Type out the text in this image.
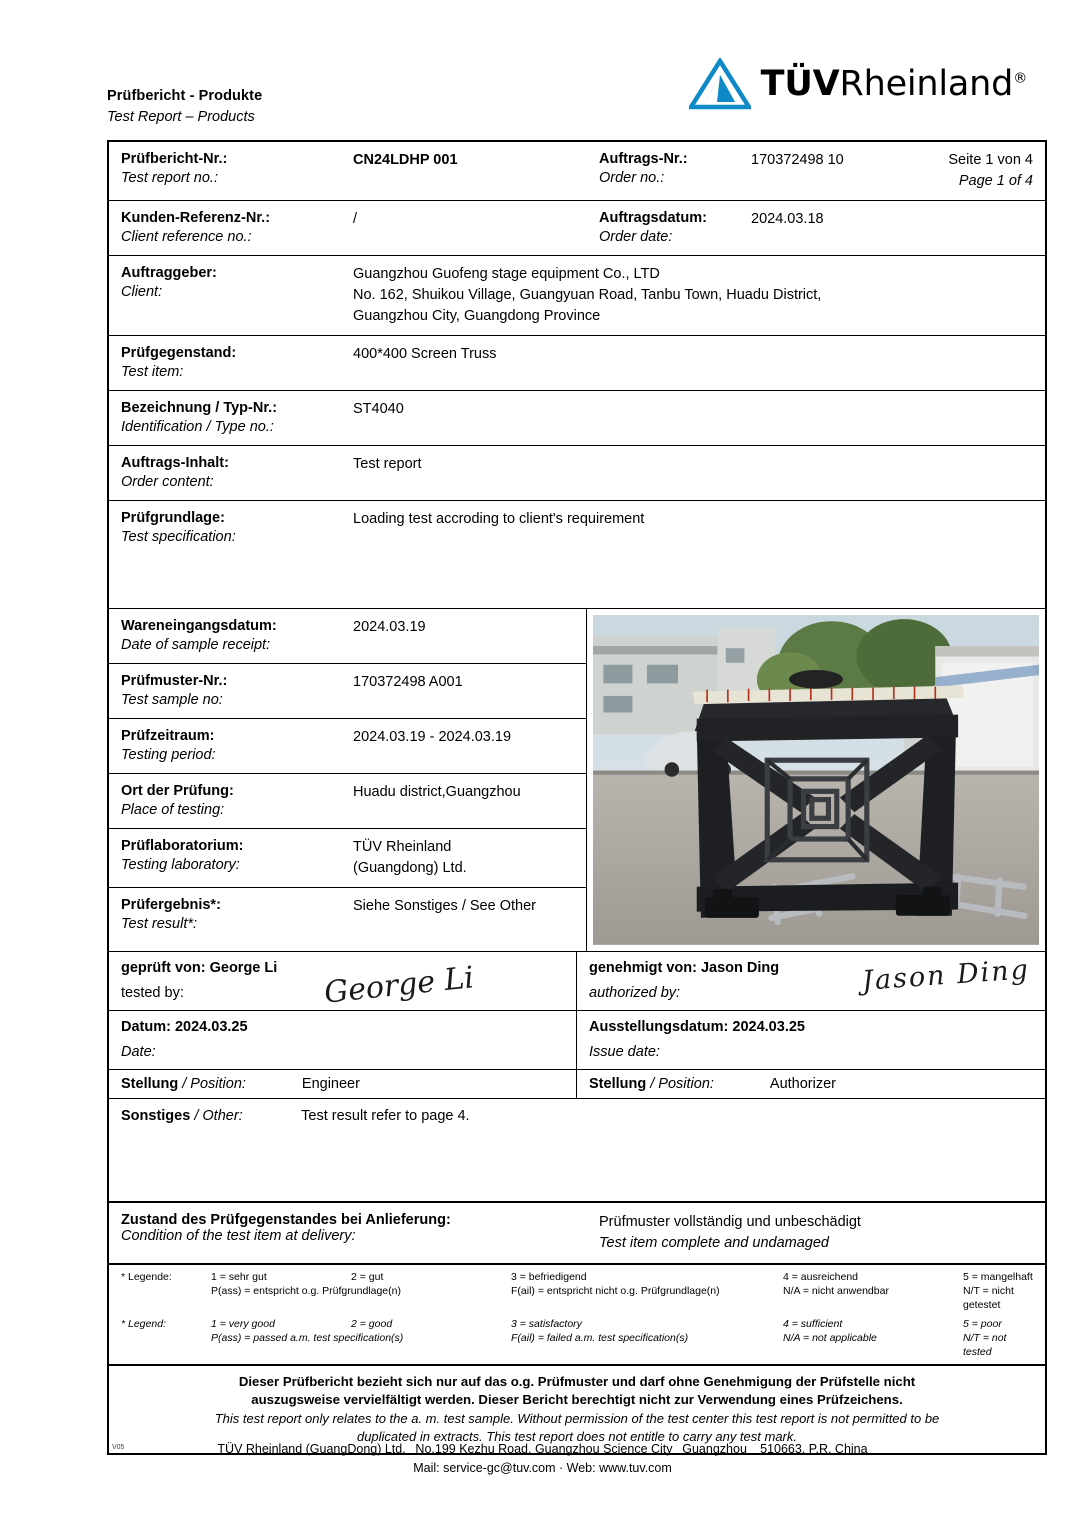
Prüfbericht - Produkte
Test Report – Products
TÜVRheinland®
Prüfbericht-Nr.:
Test report no.:
CN24LDHP 001	Auftrags-Nr.:
Order no.:
170372498 10	Seite 1 von 4
Page 1 of 4
Kunden-Referenz-Nr.:
Client reference no.:
/	Auftragsdatum:
Order date:
2024.03.18
Auftraggeber:
Client:
Guangzhou Guofeng stage equipment Co., LTD
No. 162, Shuikou Village, Guangyuan Road, Tanbu Town, Huadu District,
Guangzhou City, Guangdong Province
Prüfgegenstand:
Test item:
400*400 Screen Truss
Bezeichnung / Typ-Nr.:
Identification / Type no.:
ST4040
Auftrags-Inhalt:
Order content:
Test report
Prüfgrundlage:
Test specification:
Loading test accroding to client's requirement
Wareneingangsdatum:
Date of sample receipt:
2024.03.19
Prüfmuster-Nr.:
Test sample no:
170372498 A001
Prüfzeitraum:
Testing period:
2024.03.19 - 2024.03.19
Ort der Prüfung:
Place of testing:
Huadu district,Guangzhou
Prüflaboratorium:
Testing laboratory:
TÜV Rheinland
(Guangdong) Ltd.
Prüfergebnis*:
Test result*:
Siehe Sonstiges / See Other
geprüft von: George Li
tested by:	George Li	genehmigt von: Jason Ding
authorized by:	Jason Ding
Datum: 2024.03.25
Date:
Ausstellungsdatum: 2024.03.25
Issue date:
Stellung / Position:	Engineer	Stellung / Position:	Authorizer
Sonstiges / Other:	Test result refer to page 4.
Zustand des Prüfgegenstandes bei Anlieferung:
Condition of the test item at delivery:
Prüfmuster vollständig und unbeschädigt
Test item complete and undamaged
* Legende:	1 = sehr gut	2 = gut	3 = befriedigend	4 = ausreichend	5 = mangelhaft
P(ass) = entspricht o.g. Prüfgrundlage(n)	F(ail) = entspricht nicht o.g. Prüfgrundlage(n)	N/A = nicht anwendbar	N/T = nicht getestet
* Legend:	1 = very good	2 = good	3 = satisfactory	4 = sufficient	5 = poor
P(ass) = passed a.m. test specification(s)	F(ail) = failed a.m. test specification(s)	N/A = not applicable	N/T = not tested
Dieser Prüfbericht bezieht sich nur auf das o.g. Prüfmuster und darf ohne Genehmigung der Prüfstelle nicht
auszugsweise vervielfältigt werden. Dieser Bericht berechtigt nicht zur Verwendung eines Prüfzeichens.
This test report only relates to the a. m. test sample. Without permission of the test center this test report is not permitted to be
duplicated in extracts. This test report does not entitle to carry any test mark.
V05	TÜV Rheinland (GuangDong) Ltd.  No.199 Kezhu Road, Guangzhou Science City  Guangzhou   510663, P.R. China
Mail: service-gc@tuv.com · Web: www.tuv.com
